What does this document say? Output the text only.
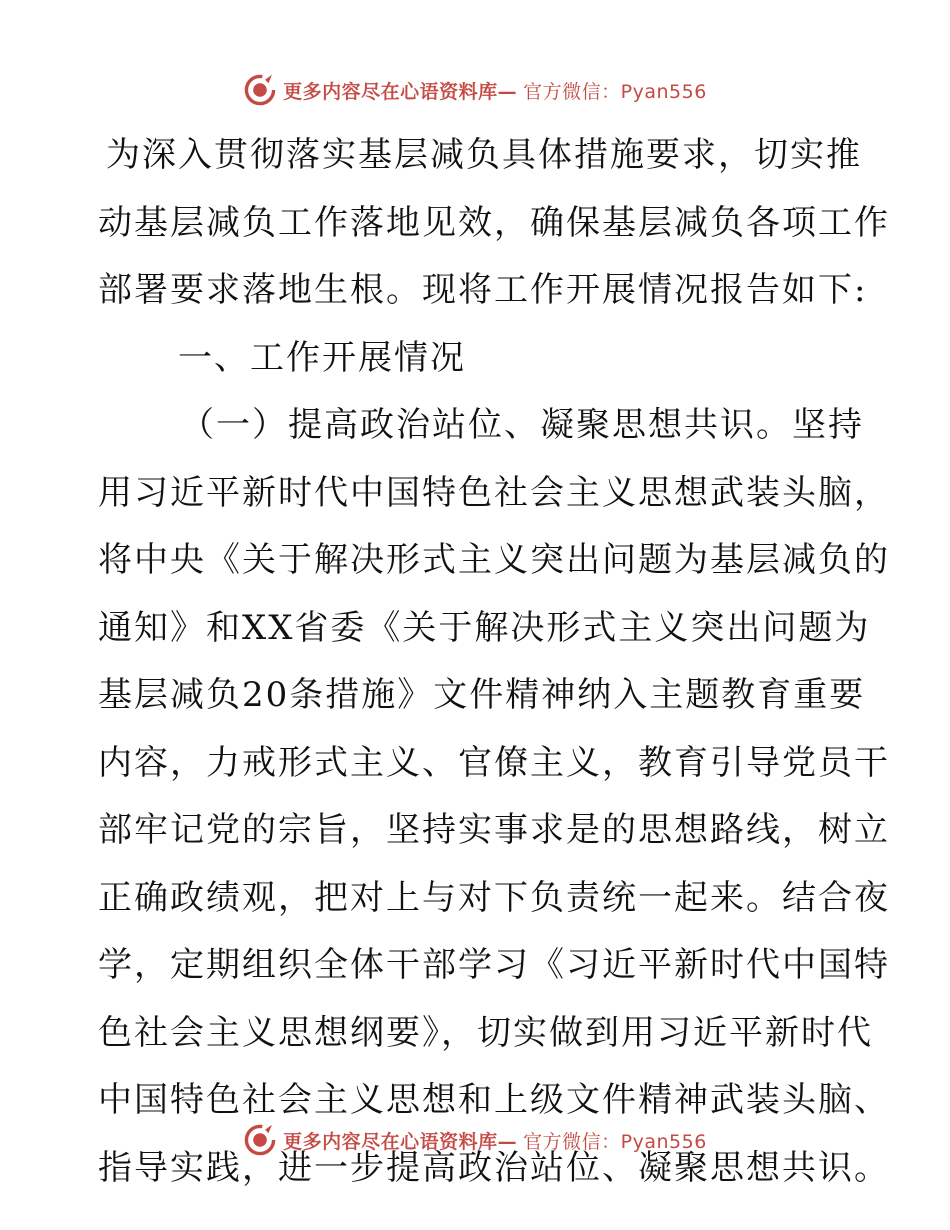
更多内容尽在心语资料库— 官方微信：Pyan556
为深入贯彻落实基层减负具体措施要求，切实推
动基层减负工作落地见效，确保基层减负各项工作
部署要求落地生根。现将工作开展情况报告如下:
一、工作开展情况
（一）提高政治站位、凝聚思想共识。坚持
用习近平新时代中国特色社会主义思想武装头脑，
将中央《关于解决形式主义突出问题为基层减负的
通知》和XX省委《关于解决形式主义突出问题为
基层减负20条措施》文件精神纳入主题教育重要
内容，力戒形式主义、官僚主义，教育引导党员干
部牢记党的宗旨，坚持实事求是的思想路线，树立
正确政绩观，把对上与对下负责统一起来。结合夜
学，定期组织全体干部学习《习近平新时代中国特
色社会主义思想纲要》，切实做到用习近平新时代
中国特色社会主义思想和上级文件精神武装头脑、
指导实践，进一步提高政治站位、凝聚思想共识。
更多内容尽在心语资料库— 官方微信：Pyan556
